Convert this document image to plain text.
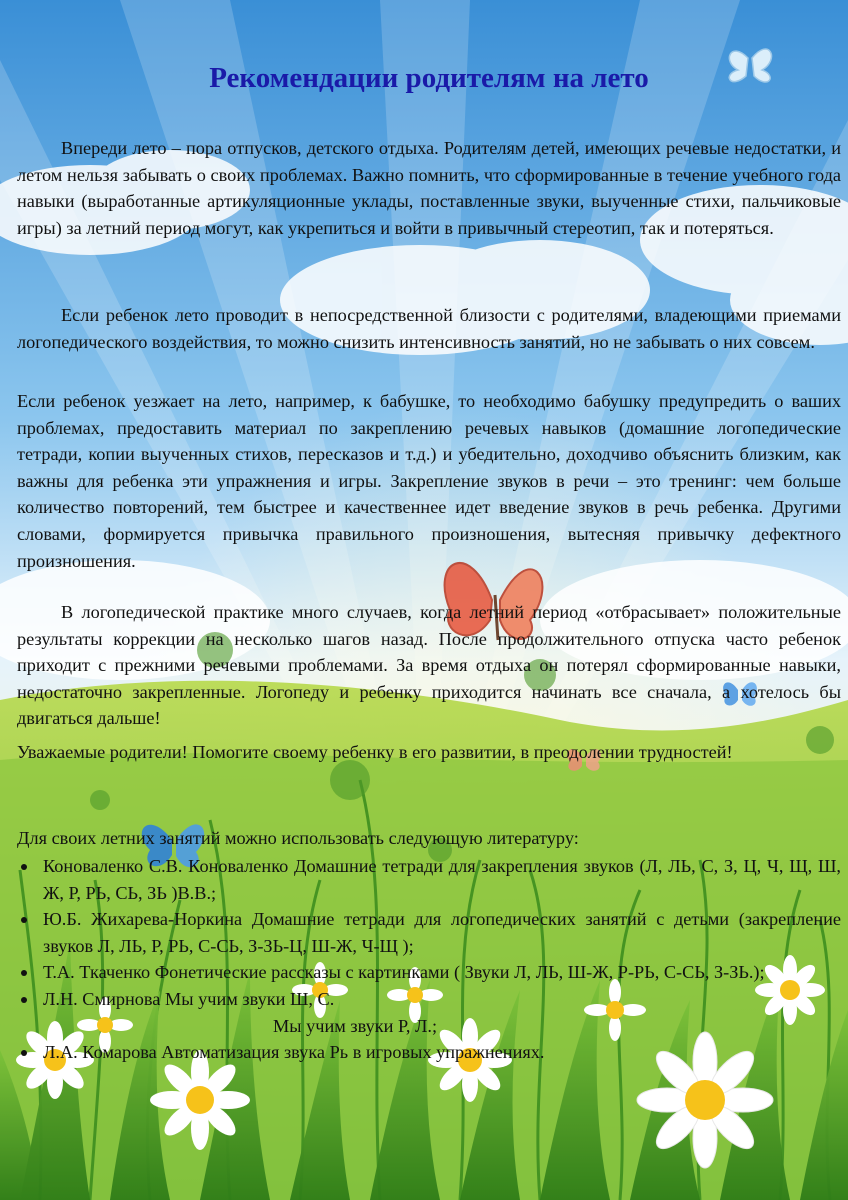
Рекомендации родителям на лето

Впереди лето – пора отпусков, детского отдыха. Родителям детей, имеющих речевые недостатки, и летом нельзя забывать о своих проблемах. Важно помнить, что сформированные в течение учебного года навыки (выработанные артикуляционные уклады, поставленные звуки, выученные стихи, пальчиковые игры) за летний период могут, как укрепиться и войти в привычный стереотип, так и потеряться.

Если ребенок лето проводит в непосредственной близости с родителями, владеющими приемами логопедического воздействия, то можно снизить интенсивность занятий, но не забывать о них совсем.

Если ребенок уезжает на лето, например, к бабушке, то необходимо бабушку предупредить о ваших проблемах, предоставить материал по закреплению речевых навыков (домашние логопедические тетради, копии выученных стихов, пересказов и т.д.) и убедительно, доходчиво объяснить близким, как важны для ребенка эти упражнения и игры. Закрепление звуков в речи – это тренинг: чем больше количество повторений, тем быстрее и качественнее идет введение звуков в речь ребенка. Другими словами, формируется привычка правильного произношения, вытесняя привычку дефектного произношения.

В логопедической практике много случаев, когда летний период «отбрасывает» положительные результаты коррекции на несколько шагов назад. После продолжительного отпуска часто ребенок приходит с прежними речевыми проблемами. За время отдыха он потерял сформированные навыки, недостаточно закрепленные. Логопеду и ребенку приходится начинать все сначала, а хотелось бы двигаться дальше!

Уважаемые родители! Помогите своему ребенку в его развитии, в преодолении трудностей!

Для своих летних занятий можно использовать следующую литературу:

Коноваленко С.В. Коноваленко Домашние тетради для закрепления звуков (Л, ЛЬ, С, З, Ц, Ч, Щ, Ш, Ж, Р, РЬ, СЬ, ЗЬ )В.В.;
Ю.Б. Жихарева-Норкина Домашние тетради для логопедических занятий с детьми (закрепление звуков Л, ЛЬ, Р, РЬ, С-СЬ, З-ЗЬ-Ц, Ш-Ж, Ч-Щ );
Т.А. Ткаченко Фонетические рассказы с картинками ( Звуки Л, ЛЬ, Ш-Ж, Р-РЬ, С-СЬ, З-ЗЬ.);
Л.Н. Смирнова Мы учим звуки Ш, С.
Мы учим звуки Р, Л.;
Л.А. Комарова Автоматизация звука Рь в игровых упражнениях.
